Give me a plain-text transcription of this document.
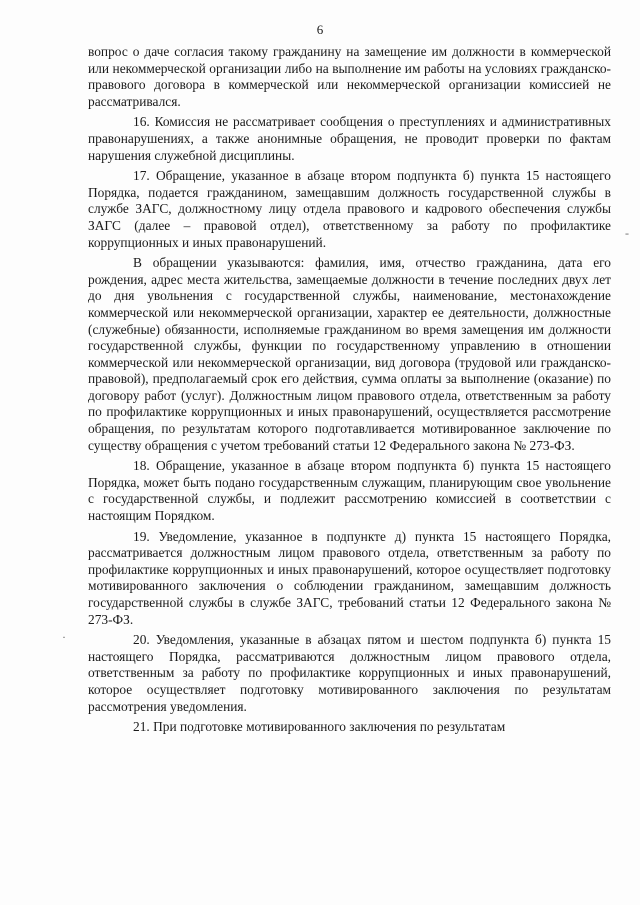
6

вопрос о даче согласия такому гражданину на замещение им должности в коммерческой или некоммерческой организации либо на выполнение им работы на условиях гражданско-правового договора в коммерческой или некоммерческой организации комиссией не рассматривался.

16. Комиссия не рассматривает сообщения о преступлениях и административных правонарушениях, а также анонимные обращения, не проводит проверки по фактам нарушения служебной дисциплины.

17. Обращение, указанное в абзаце втором подпункта б) пункта 15 настоящего Порядка, подается гражданином, замещавшим должность государственной службы в службе ЗАГС, должностному лицу отдела правового и кадрового обеспечения службы ЗАГС (далее – правовой отдел), ответственному за работу по профилактике коррупционных и иных правонарушений.

В обращении указываются: фамилия, имя, отчество гражданина, дата его рождения, адрес места жительства, замещаемые должности в течение последних двух лет до дня увольнения с государственной службы, наименование, местонахождение коммерческой или некоммерческой организации, характер ее деятельности, должностные (служебные) обязанности, исполняемые гражданином во время замещения им должности государственной службы, функции по государственному управлению в отношении коммерческой или некоммерческой организации, вид договора (трудовой или гражданско-правовой), предполагаемый срок его действия, сумма оплаты за выполнение (оказание) по договору работ (услуг). Должностным лицом правового отдела, ответственным за работу по профилактике коррупционных и иных правонарушений, осуществляется рассмотрение обращения, по результатам которого подготавливается мотивированное заключение по существу обращения с учетом требований статьи 12 Федерального закона № 273-ФЗ.

18. Обращение, указанное в абзаце втором подпункта б) пункта 15 настоящего Порядка, может быть подано государственным служащим, планирующим свое увольнение с государственной службы, и подлежит рассмотрению комиссией в соответствии с настоящим Порядком.

19. Уведомление, указанное в подпункте д) пункта 15 настоящего Порядка, рассматривается должностным лицом правового отдела, ответственным за работу по профилактике коррупционных и иных правонарушений, которое осуществляет подготовку мотивированного заключения о соблюдении гражданином, замещавшим должность государственной службы в службе ЗАГС, требований статьи 12 Федерального закона № 273-ФЗ.

20. Уведомления, указанные в абзацах пятом и шестом подпункта б) пункта 15 настоящего Порядка, рассматриваются должностным лицом правового отдела, ответственным за работу по профилактике коррупционных и иных правонарушений, которое осуществляет подготовку мотивированного заключения по результатам рассмотрения уведомления.

21. При подготовке мотивированного заключения по результатам

‐
·
